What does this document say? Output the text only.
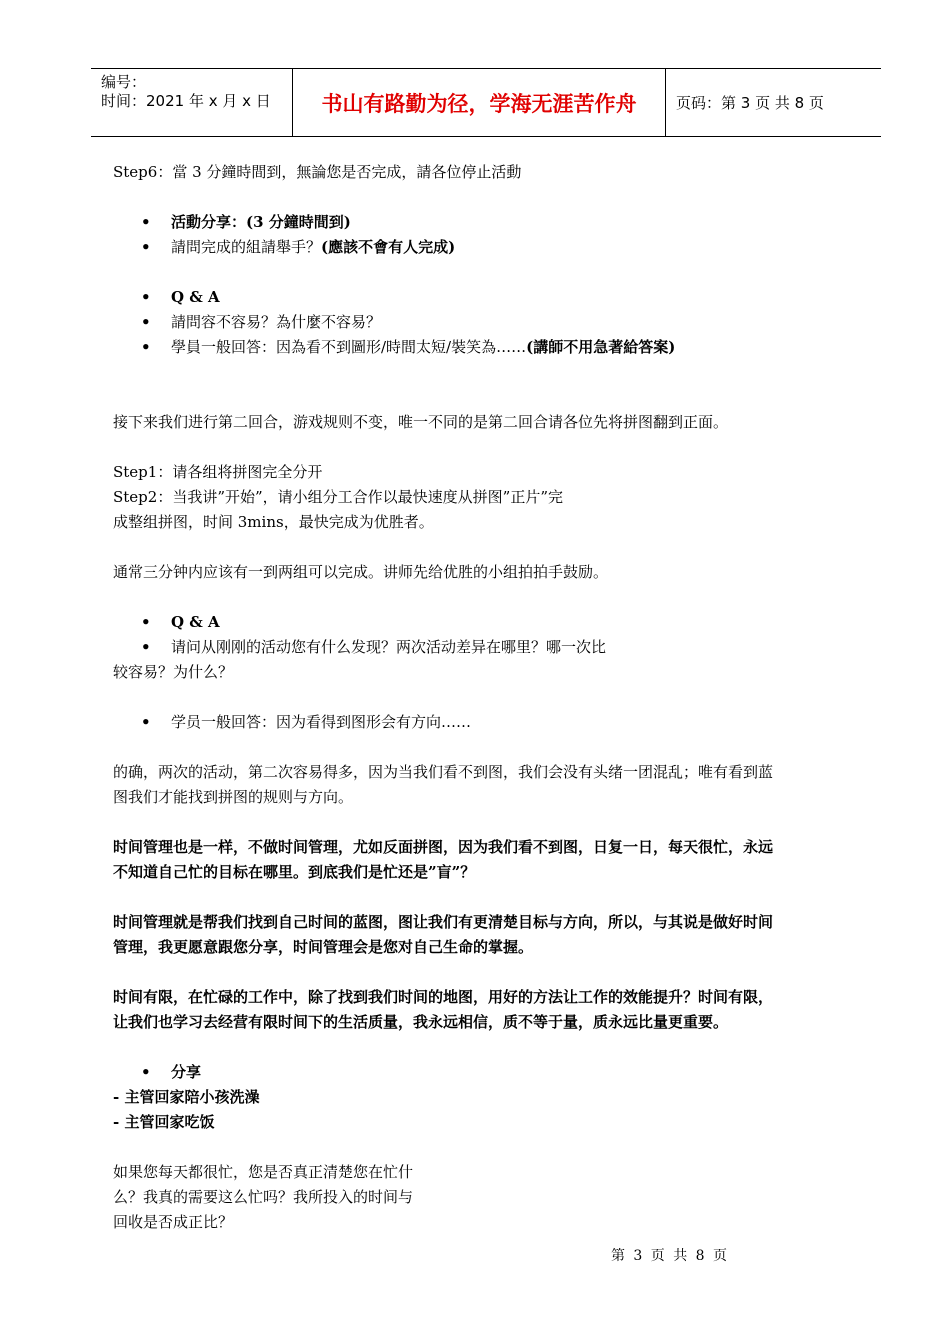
编号：
时间：2021 年 x 月 x 日	书山有路勤为径，学海无涯苦作舟	页码：第 3 页 共 8 页

Step6：當 3 分鐘時間到，無論您是否完成，請各位停止活動

• 活動分享：(3 分鐘時間到)
• 請問完成的組請舉手？(應該不會有人完成)
• Q & A
• 請問容不容易？為什麼不容易？
• 學員一般回答：因為看不到圖形/時間太短/裝笑為……(講師不用急著給答案)

接下来我们进行第二回合，游戏规则不变，唯一不同的是第二回合请各位先将拼图翻到正面。

Step1：请各组将拼图完全分开

Step2：当我讲”开始”，请小组分工合作以最快速度从拼图”正片”完

成整组拼图，时间 3mins，最快完成为优胜者。

通常三分钟内应该有一到两组可以完成。讲师先给优胜的小组拍拍手鼓励。

• Q & A
• 请问从刚刚的活动您有什么发现？两次活动差异在哪里？哪一次比

较容易？为什么？

• 学员一般回答：因为看得到图形会有方向……

的确，两次的活动，第二次容易得多，因为当我们看不到图，我们会没有头绪一团混乱；唯有看到蓝

图我们才能找到拼图的规则与方向。

时间管理也是一样，不做时间管理，尤如反面拼图，因为我们看不到图，日复一日，每天很忙，永远

不知道自己忙的目标在哪里。到底我们是忙还是”盲”？

时间管理就是帮我们找到自己时间的蓝图，图让我们有更清楚目标与方向，所以，与其说是做好时间

管理，我更愿意跟您分享，时间管理会是您对自己生命的掌握。

时间有限，在忙碌的工作中，除了找到我们时间的地图，用好的方法让工作的效能提升？时间有限，

让我们也学习去经营有限时间下的生活质量，我永远相信，质不等于量，质永远比量更重要。

• 分享

- 主管回家陪小孩洗澡

- 主管回家吃饭

如果您每天都很忙，您是否真正清楚您在忙什

么？我真的需要这么忙吗？我所投入的时间与

回收是否成正比？

第 3 页 共 8 页
